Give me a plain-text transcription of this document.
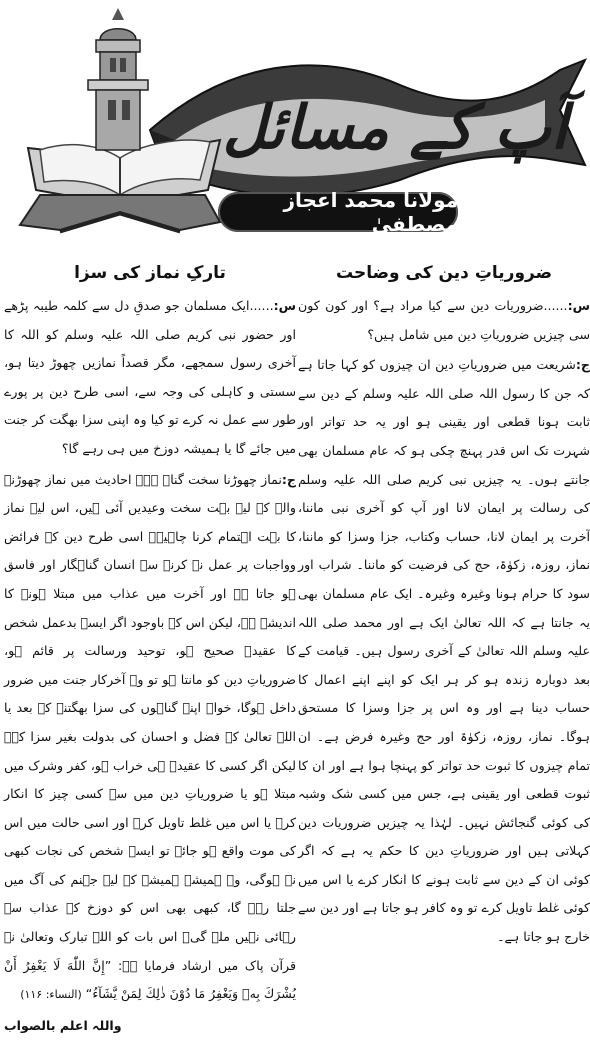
آپ کے مسائل
مولانا محمد اعجاز مصطفیٰ
ضروریاتِ دین کی وضاحت

س:......ضروریات دین سے کیا مراد ہے؟ اور کون کون سی چیزیں ضروریاتِ دین میں شامل ہیں؟

ج:شریعت میں ضروریاتِ دین ان چیزوں کو کہا جاتا ہے کہ جن کا رسول اللہ صلی اللہ علیہ وسلم کے دین سے ثابت ہونا قطعی اور یقینی ہو اور یہ حد تواتر اور شہرت تک اس قدر پہنچ چکی ہو کہ عام مسلمان بھی جانتے ہوں۔ یہ چیزیں نبی کریم صلی اللہ علیہ وسلم کی رسالت پر ایمان لانا اور آپ کو آخری نبی ماننا، آخرت پر ایمان لانا، حساب وکتاب، جزا وسزا کو ماننا، نماز، روزہ، زکوٰۃ، حج کی فرضیت کو ماننا۔ شراب اور سود کا حرام ہونا وغیرہ وغیرہ۔ ایک عام مسلمان بھی یہ جانتا ہے کہ اللہ تعالیٰ ایک ہے اور محمد صلی اللہ علیہ وسلم اللہ تعالیٰ کے آخری رسول ہیں۔ قیامت کے بعد دوبارہ زندہ ہو کر ہر ایک کو اپنے اپنے اعمال کا حساب دینا ہے اور وہ اس پر جزا وسزا کا مستحق ہوگا۔ نماز، روزہ، زکوٰۃ اور حج وغیرہ فرض ہے۔ ان تمام چیزوں کا ثبوت حد تواتر کو پہنچا ہوا ہے اور ان کا ثبوت قطعی اور یقینی ہے، جس میں کسی شک وشبہ کی کوئی گنجائش نہیں۔ لہٰذا یہ چیزیں ضروریات دین کہلاتی ہیں اور ضروریاتِ دین کا حکم یہ ہے کہ اگر کوئی ان کے دین سے ثابت ہونے کا انکار کرے یا اس میں کوئی غلط تاویل کرے تو وہ کافر ہو جاتا ہے اور دین سے خارج ہو جاتا ہے۔

تارکِ نماز کی سزا

س:......ایک مسلمان جو صدقِ دل سے کلمہ طیبہ پڑھے اور حضور نبی کریم صلی اللہ علیہ وسلم کو اللہ کا آخری رسول سمجھے، مگر قصداً نمازیں چھوڑ دیتا ہو، سستی و کاہلی کی وجہ سے، اسی طرح دین پر پورے طور سے عمل نہ کرے تو کیا وہ اپنی سزا بھگت کر جنت میں جائے گا یا ہمیشہ دوزخ میں ہی رہے گا؟

ج:نماز چھوڑنا سخت گناہ ہے۔ احادیث میں نماز چھوڑنے والے کے لیے بہت سخت وعیدیں آئی ہیں، اس لیے نماز کا بہت اہتمام کرنا چاہیے۔ اسی طرح دین کے فرائض وواجبات پر عمل نہ کرنے سے انسان گناہگار اور فاسق ہو جاتا ہے اور آخرت میں عذاب میں مبتلا ہونے کا اندیشہ ہے، لیکن اس کے باوجود اگر ایسے بدعمل شخص کا عقیدہ صحیح ہو، توحید ورسالت پر قائم ہو، ضروریاتِ دین کو مانتا ہو تو وہ آخرکار جنت میں ضرور داخل ہوگا، خواہ اپنے گناہوں کی سزا بھگتنے کے بعد یا اللہ تعالیٰ کے فضل و احسان کی بدولت بغیر سزا کے۔ لیکن اگر کسی کا عقیدہ ہی خراب ہو، کفر وشرک میں مبتلا ہو یا ضروریاتِ دین میں سے کسی چیز کا انکار کرے یا اس میں غلط تاویل کرے اور اسی حالت میں اس کی موت واقع ہو جائے تو ایسے شخص کی نجات کبھی نہ ہوگی، وہ ہمیشہ ہمیشہ کے لیے جہنم کی آگ میں جلتا رہے گا، کبھی بھی اس کو دوزخ کے عذاب سے رہائی نہیں ملے گی۔ اس بات کو اللہ تبارک وتعالیٰ نے قرآن پاک میں ارشاد فرمایا ہے: ”إِنَّ اللّٰهَ لَا يَغْفِرُ أَنْ يُشْرَكَ بِهٖ وَيَغْفِرُ مَا دُوْنَ ذٰلِكَ لِمَنْ يَّشَآءُ“ (النساء: ۱۱۶)

واللہ اعلم بالصواب
